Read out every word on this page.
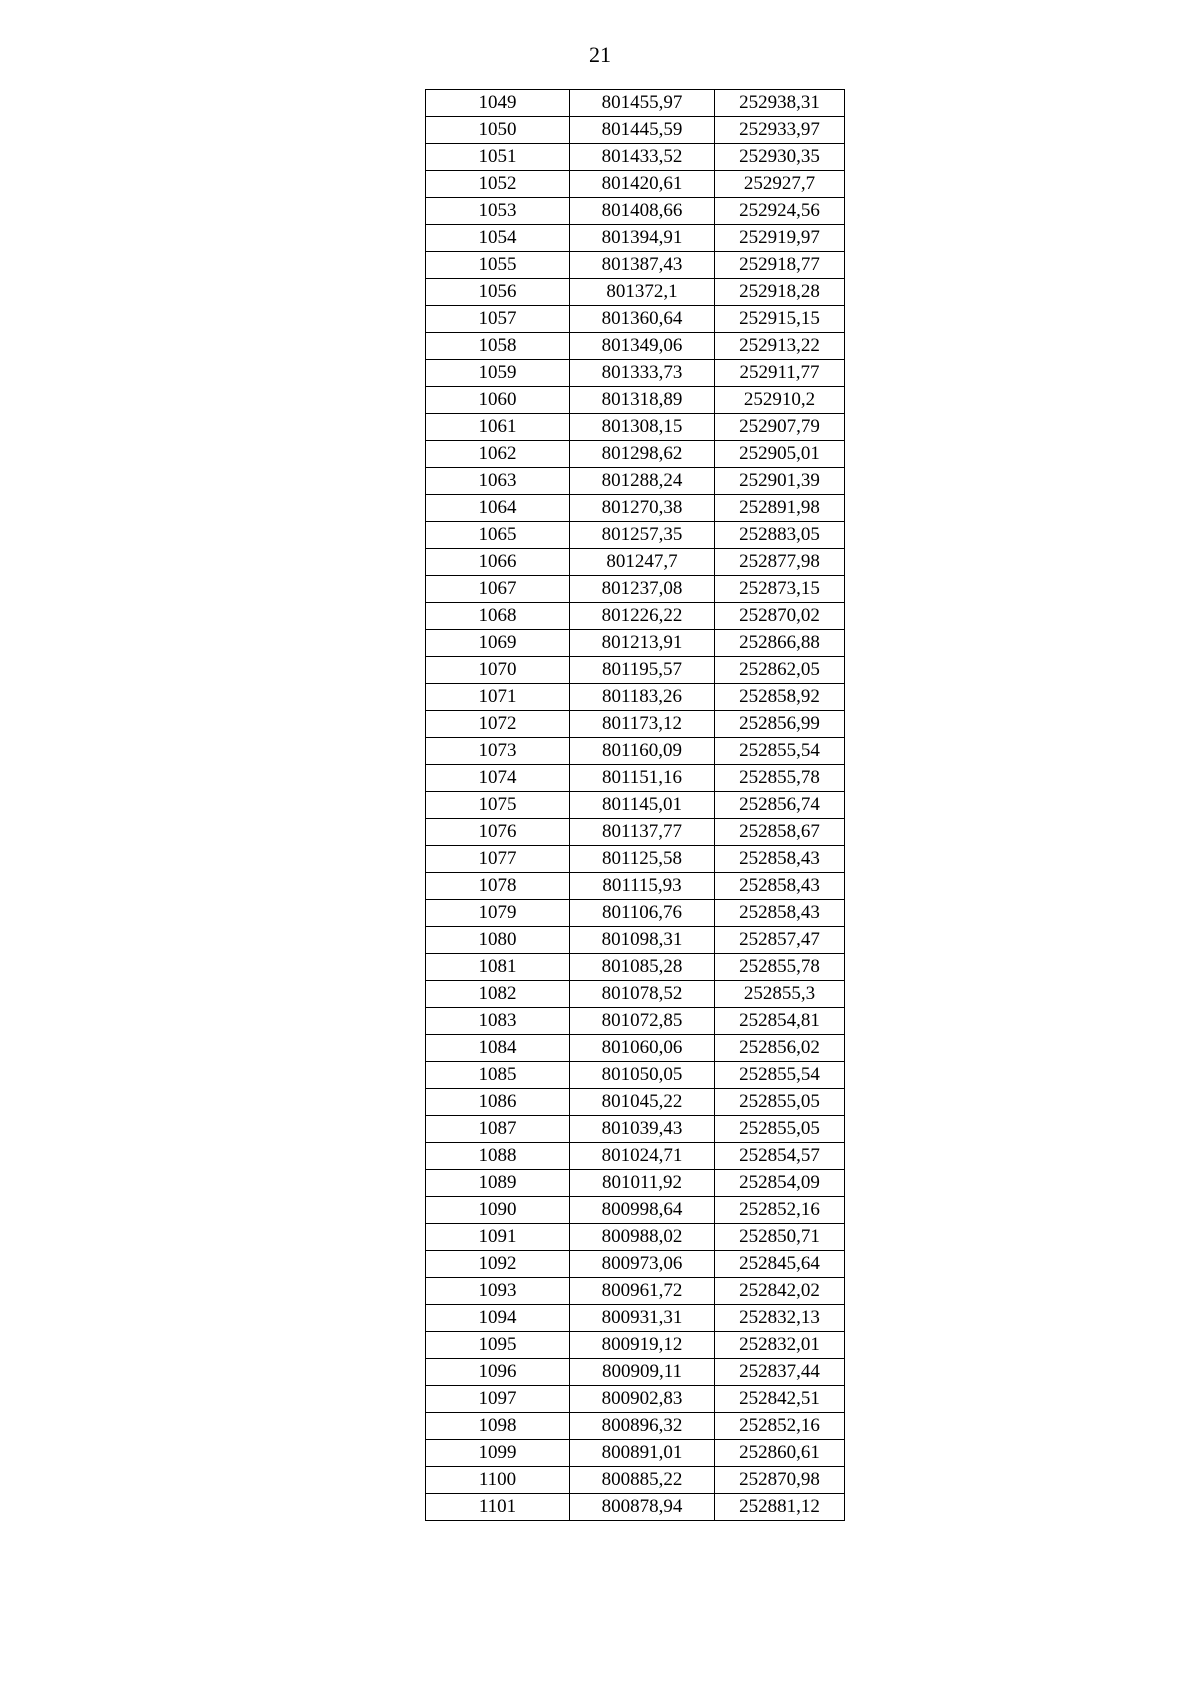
21
1049	801455,97	252938,31
1050	801445,59	252933,97
1051	801433,52	252930,35
1052	801420,61	252927,7
1053	801408,66	252924,56
1054	801394,91	252919,97
1055	801387,43	252918,77
1056	801372,1	252918,28
1057	801360,64	252915,15
1058	801349,06	252913,22
1059	801333,73	252911,77
1060	801318,89	252910,2
1061	801308,15	252907,79
1062	801298,62	252905,01
1063	801288,24	252901,39
1064	801270,38	252891,98
1065	801257,35	252883,05
1066	801247,7	252877,98
1067	801237,08	252873,15
1068	801226,22	252870,02
1069	801213,91	252866,88
1070	801195,57	252862,05
1071	801183,26	252858,92
1072	801173,12	252856,99
1073	801160,09	252855,54
1074	801151,16	252855,78
1075	801145,01	252856,74
1076	801137,77	252858,67
1077	801125,58	252858,43
1078	801115,93	252858,43
1079	801106,76	252858,43
1080	801098,31	252857,47
1081	801085,28	252855,78
1082	801078,52	252855,3
1083	801072,85	252854,81
1084	801060,06	252856,02
1085	801050,05	252855,54
1086	801045,22	252855,05
1087	801039,43	252855,05
1088	801024,71	252854,57
1089	801011,92	252854,09
1090	800998,64	252852,16
1091	800988,02	252850,71
1092	800973,06	252845,64
1093	800961,72	252842,02
1094	800931,31	252832,13
1095	800919,12	252832,01
1096	800909,11	252837,44
1097	800902,83	252842,51
1098	800896,32	252852,16
1099	800891,01	252860,61
1100	800885,22	252870,98
1101	800878,94	252881,12
